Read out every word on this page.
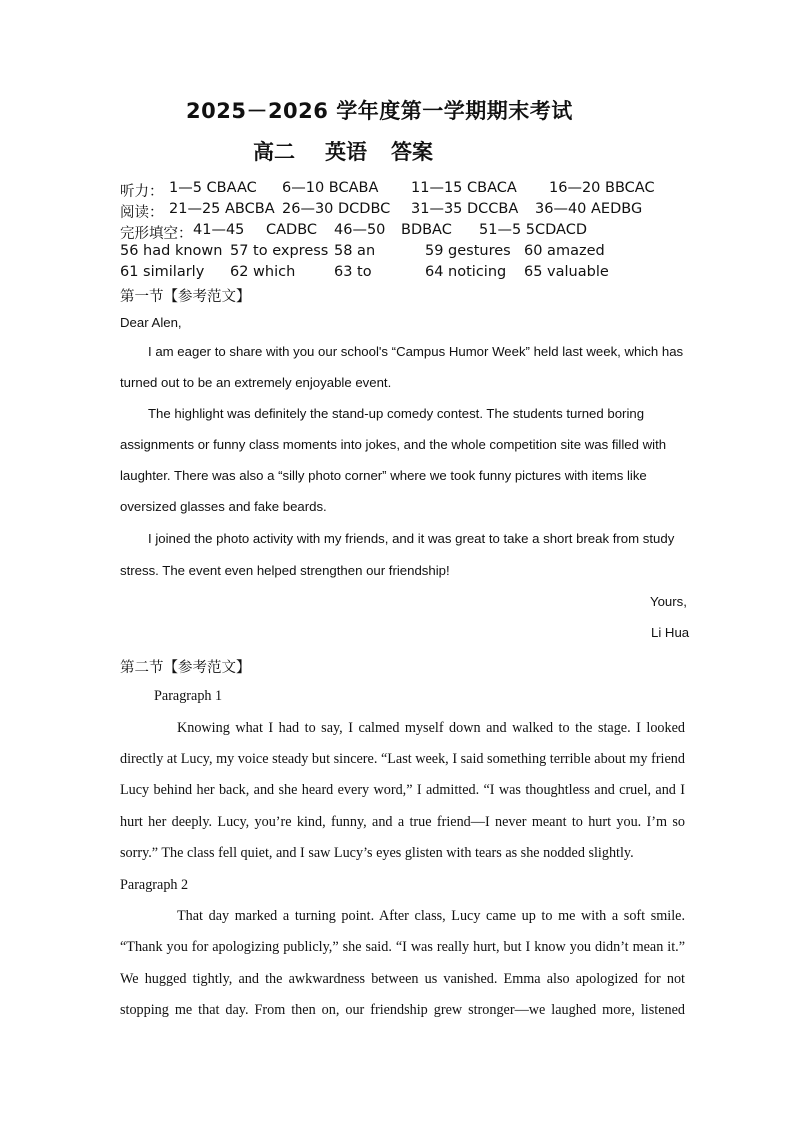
2025－2026 学年度第一学期期末考试
高二 英语 答案
听力： 1—5 CBAAC 6—10 BCABA 11—15 CBACA 16—20 BBCAC
阅读： 21—25 ABCBA 26—30 DCDBC 31—35 DCCBA 36—40 AEDBG
完形填空： 41—45 CADBC 46—50 BDBAC 51—5 5CDACD
56 had known 57 to express 58 an	59 gestures 60 amazed
61 similarly 62 which	63 to	64 noticing 65 valuable
第一节【参考范文】
Dear Alen,
I am eager to share with you our school's “Campus Humor Week” held last week, which has
turned out to be an extremely enjoyable event.
The highlight was definitely the stand-up comedy contest. The students turned boring
assignments or funny class moments into jokes, and the whole competition site was filled with
laughter. There was also a “silly photo corner” where we took funny pictures with items like
oversized glasses and fake beards.
I joined the photo activity with my friends, and it was great to take a short break from study
stress. The event even helped strengthen our friendship!
Yours,
Li Hua
第二节【参考范文】
Paragraph 1
Knowing what I had to say, I calmed myself down and walked to the stage. I looked
directly at Lucy, my voice steady but sincere. “Last week, I said something terrible about my friend
Lucy behind her back, and she heard every word,” I admitted. “I was thoughtless and cruel, and I
hurt her deeply. Lucy, you’re kind, funny, and a true friend—I never meant to hurt you. I’m so
sorry.” The class fell quiet, and I saw Lucy’s eyes glisten with tears as she nodded slightly.
Paragraph 2
That day marked a turning point. After class, Lucy came up to me with a soft smile.
“Thank you for apologizing publicly,” she said. “I was really hurt, but I know you didn’t mean it.”
We hugged tightly, and the awkwardness between us vanished. Emma also apologized for not
stopping me that day. From then on, our friendship grew stronger—we laughed more, listened
